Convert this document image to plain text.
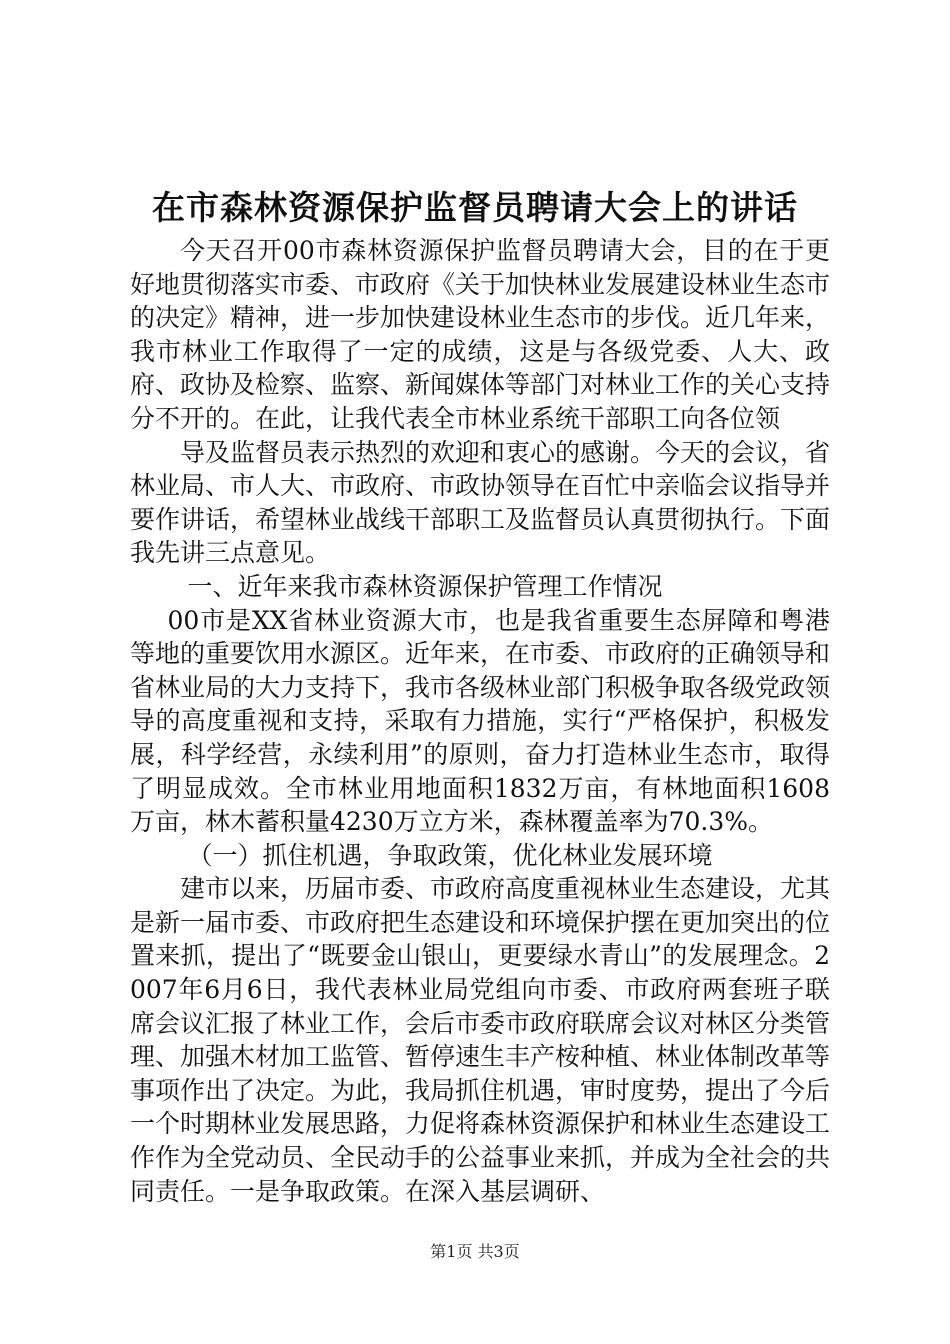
在市森林资源保护监督员聘请大会上的讲话

今天召开00市森林资源保护监督员聘请大会，目的在于更好地贯彻落实市委、市政府《关于加快林业发展建设林业生态市的决定》精神，进一步加快建设林业生态市的步伐。近几年来，我市林业工作取得了一定的成绩，这是与各级党委、人大、政府、政协及检察、监察、新闻媒体等部门对林业工作的关心支持分不开的。在此，让我代表全市林业系统干部职工向各位领

导及监督员表示热烈的欢迎和衷心的感谢。今天的会议，省林业局、市人大、市政府、市政协领导在百忙中亲临会议指导并要作讲话，希望林业战线干部职工及监督员认真贯彻执行。下面我先讲三点意见。

一、近年来我市森林资源保护管理工作情况

00市是XX省林业资源大市，也是我省重要生态屏障和粤港等地的重要饮用水源区。近年来，在市委、市政府的正确领导和省林业局的大力支持下，我市各级林业部门积极争取各级党政领导的高度重视和支持，采取有力措施，实行“严格保护，积极发展，科学经营，永续利用”的原则，奋力打造林业生态市，取得了明显成效。全市林业用地面积1832万亩，有林地面积1608万亩，林木蓄积量4230万立方米，森林覆盖率为70.3%。

（一）抓住机遇，争取政策，优化林业发展环境

建市以来，历届市委、市政府高度重视林业生态建设，尤其是新一届市委、市政府把生态建设和环境保护摆在更加突出的位置来抓，提出了“既要金山银山，更要绿水青山”的发展理念。2007年6月6日，我代表林业局党组向市委、市政府两套班子联席会议汇报了林业工作，会后市委市政府联席会议对林区分类管理、加强木材加工监管、暂停速生丰产桉种植、林业体制改革等事项作出了决定。为此，我局抓住机遇，审时度势，提出了今后一个时期林业发展思路，力促将森林资源保护和林业生态建设工作作为全党动员、全民动手的公益事业来抓，并成为全社会的共同责任。一是争取政策。在深入基层调研、

第1页 共3页
